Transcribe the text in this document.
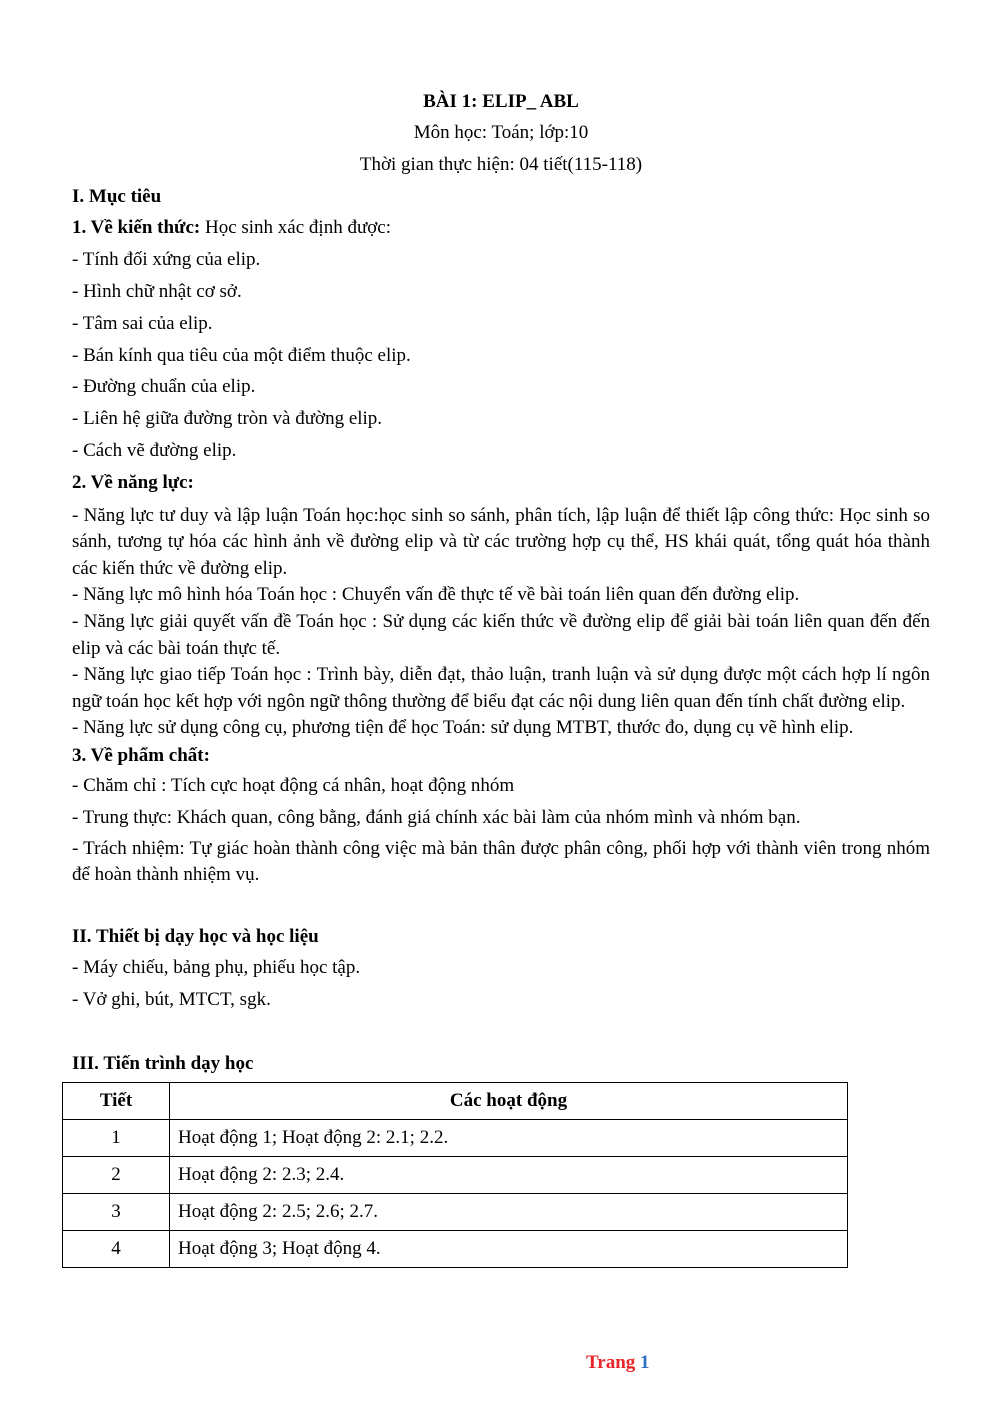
BÀI 1: ELIP_ ABL
Môn học: Toán; lớp:10
Thời gian thực hiện: 04 tiết(115-118)
I. Mục tiêu
1. Về kiến thức: Học sinh xác định được:
- Tính đối xứng của elip.
- Hình chữ nhật cơ sở.
- Tâm sai của elip.
- Bán kính qua tiêu của một điểm thuộc elip.
- Đường chuẩn của elip.
- Liên hệ giữa đường tròn và đường elip.
- Cách vẽ đường elip.
2. Về năng lực:
- Năng lực tư duy và lập luận Toán học:học sinh so sánh, phân tích, lập luận để thiết lập công thức: Học sinh so sánh, tương tự hóa các hình ảnh về đường elip và từ các trường hợp cụ thể, HS khái quát, tổng quát hóa thành các kiến thức về đường elip.
- Năng lực mô hình hóa Toán học : Chuyển vấn đề thực tế về bài toán liên quan đến đường elip.
- Năng lực giải quyết vấn đề Toán học : Sử dụng các kiến thức về đường elip để giải bài toán liên quan đến đến elip và các bài toán thực tế.
- Năng lực giao tiếp Toán học : Trình bày, diễn đạt, thảo luận, tranh luận và sử dụng được một cách hợp lí ngôn ngữ toán học kết hợp với ngôn ngữ thông thường để biểu đạt các nội dung liên quan đến tính chất đường elip.
- Năng lực sử dụng công cụ, phương tiện để học Toán: sử dụng MTBT, thước đo, dụng cụ vẽ hình elip.
3. Về phẩm chất:
- Chăm chỉ : Tích cực hoạt động cá nhân, hoạt động nhóm
- Trung thực: Khách quan, công bằng, đánh giá chính xác bài làm của nhóm mình và nhóm bạn.
- Trách nhiệm: Tự giác hoàn thành công việc mà bản thân được phân công, phối hợp với thành viên trong nhóm để hoàn thành nhiệm vụ.
II. Thiết bị dạy học và học liệu
- Máy chiếu, bảng phụ, phiếu học tập.
- Vở ghi, bút, MTCT, sgk.
III. Tiến trình dạy học
Tiết	Các hoạt động
1	Hoạt động 1; Hoạt động 2: 2.1; 2.2.
2	Hoạt động 2: 2.3; 2.4.
3	Hoạt động 2: 2.5; 2.6; 2.7.
4	Hoạt động 3; Hoạt động 4.
Trang 1
